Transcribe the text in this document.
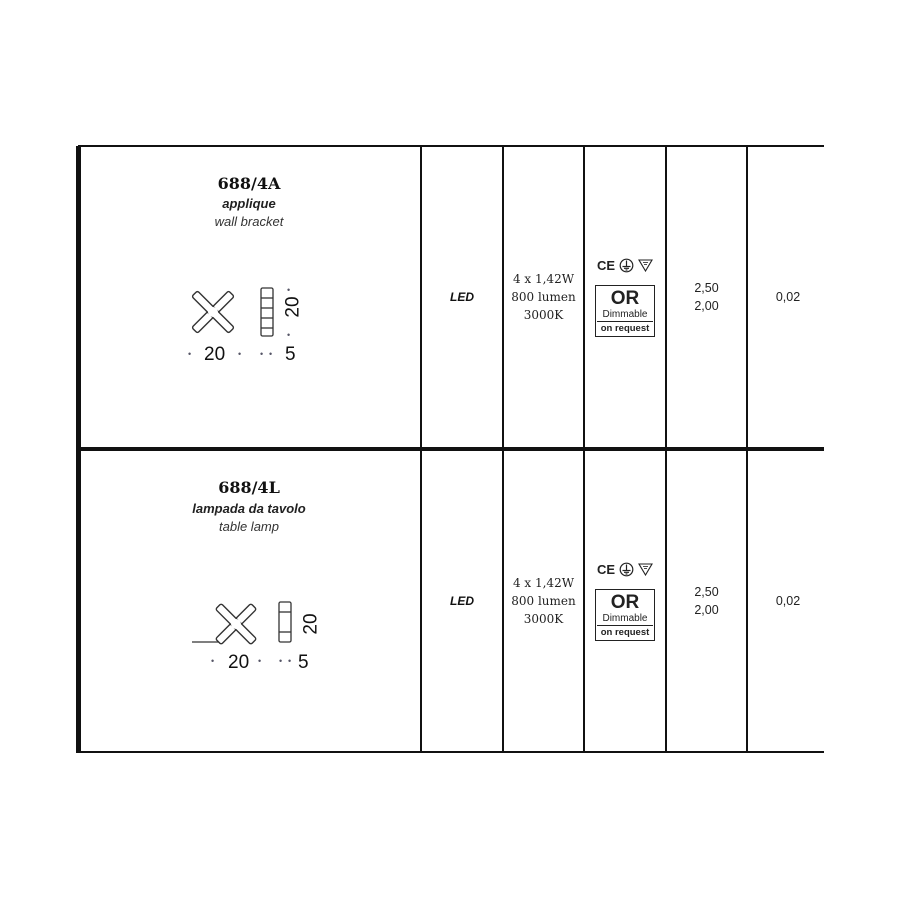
688/4A
applique
wall bracket
20
•
•
• 20 • • • 5
LED
4 x 1,42W
800 lumen
3000K
CE
OR
Dimmable
on request
2,50
2,00
0,02
688/4L
lampada da tavolo
table lamp
20
• 20 • • • 5
LED
4 x 1,42W
800 lumen
3000K
CE
OR
Dimmable
on request
2,50
2,00
0,02
